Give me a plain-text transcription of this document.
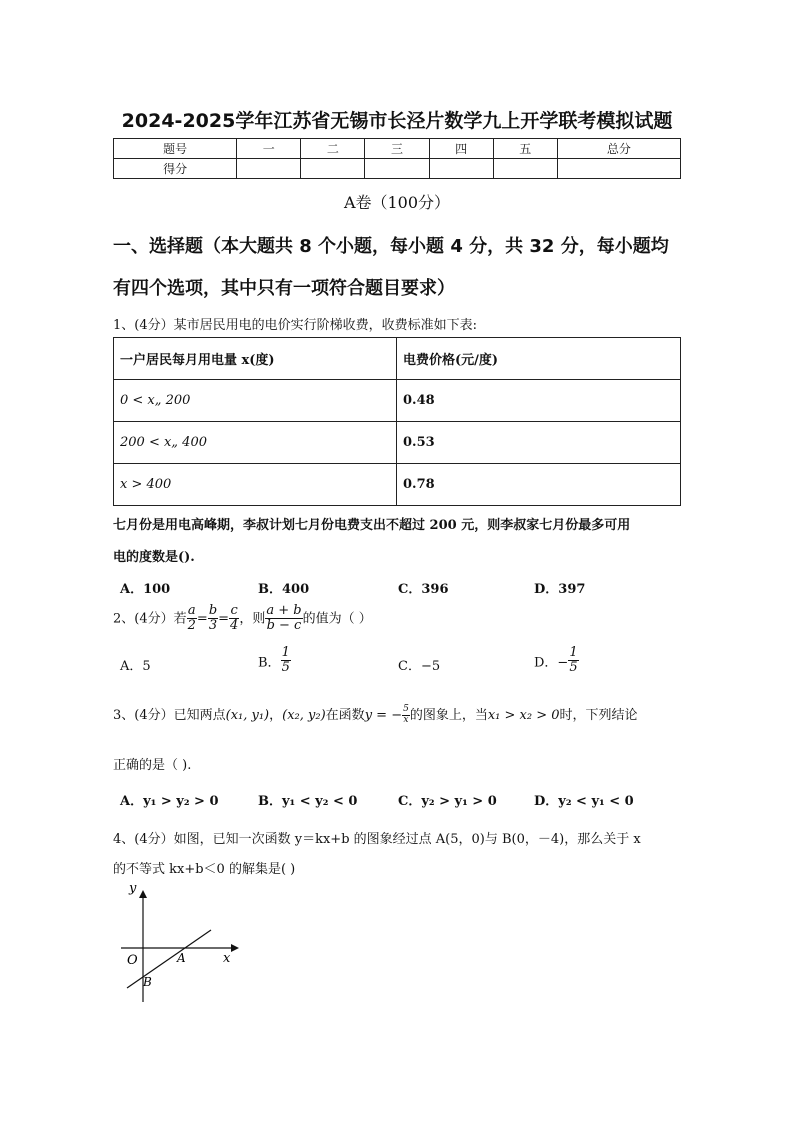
2024-2025学年江苏省无锡市长泾片数学九上开学联考模拟试题
题号	一	二	三	四	五	总分
得分						
A卷（100分）
一、选择题（本大题共 8 个小题，每小题 4 分，共 32 分，每小题均
有四个选项，其中只有一项符合题目要求）
1、(4分）某市居民用电的电价实行阶梯收费，收费标准如下表:
一户居民每月用电量 x(度)	电费价格(元/度)
0 < x„ 200	0.48
200 < x„ 400	0.53
x > 400	0.78
七月份是用电高峰期，李叔计划七月份电费支出不超过 200 元，则李叔家七月份最多可用
电的度数是().
A．100	B．400	C．396	D．397
2、(4分）若 $\frac{a}{2} = \frac{b}{3} = \frac{c}{4}$ ，则 $\frac{a + b}{b - c}$ 的值为（ ）
A．5	B． $\frac{1}{5}$	C．−5	D．− $\frac{1}{5}$
3、(4分）已知两点(x₁, y₁)，(x₂, y₂)在函数y = − $\frac{5}{x}$ 的图象上，当x₁ > x₂ > 0时，下列结论
正确的是（ ).
A．y₁ > y₂ > 0	B．y₁ < y₂ < 0	C．y₂ > y₁ > 0	D．y₂ < y₁ < 0
4、(4分）如图，已知一次函数 y＝kx+b 的图象经过点 A(5，0)与 B(0，－4)，那么关于 x
的不等式 kx+b＜0 的解集是( )
y
x
O	A
B
